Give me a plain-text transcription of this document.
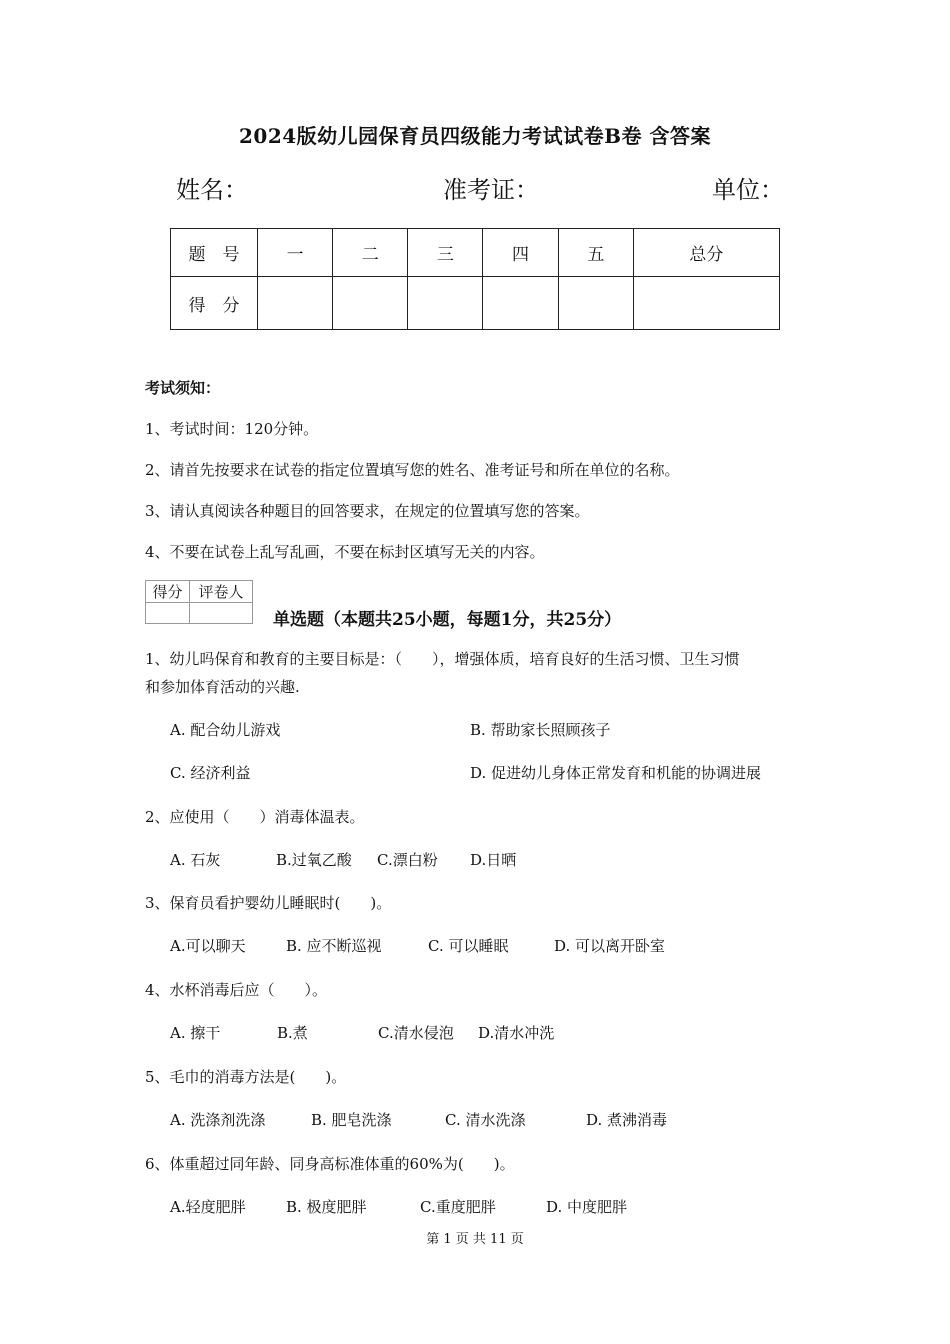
2024版幼儿园保育员四级能力考试试卷B卷 含答案
姓名：	准考证：	单位：
题　号	一	二	三	四	五	总分
得　分						
考试须知：
1、考试时间：120分钟。
2、请首先按要求在试卷的指定位置填写您的姓名、准考证号和所在单位的名称。
3、请认真阅读各种题目的回答要求，在规定的位置填写您的答案。
4、不要在试卷上乱写乱画，不要在标封区填写无关的内容。
得分	评卷人

单选题（本题共25小题，每题1分，共25分）
1、幼儿吗保育和教育的主要目标是：（　　），增强体质，培育良好的生活习惯、卫生习惯
和参加体育活动的兴趣.
A. 配合幼儿游戏	B. 帮助家长照顾孩子
C. 经济利益	D. 促进幼儿身体正常发育和机能的协调进展
2、应使用（　　）消毒体温表。
A. 石灰	B.过氧乙酸 C.漂白粉 D.日晒
3、保育员看护婴幼儿睡眠时(　　)。
A.可以聊天	B. 应不断巡视	C. 可以睡眠	D. 可以离开卧室
4、水杯消毒后应（　　）。
A. 擦干	B.煮	C.清水侵泡 D.清水冲洗
5、毛巾的消毒方法是(　　)。
A. 洗涤剂洗涤	B. 肥皂洗涤	C. 清水洗涤	D. 煮沸消毒
6、体重超过同年龄、同身高标准体重的60%为(　　)。
A.轻度肥胖	B. 极度肥胖	C.重度肥胖	D. 中度肥胖
第 1 页 共 11 页
